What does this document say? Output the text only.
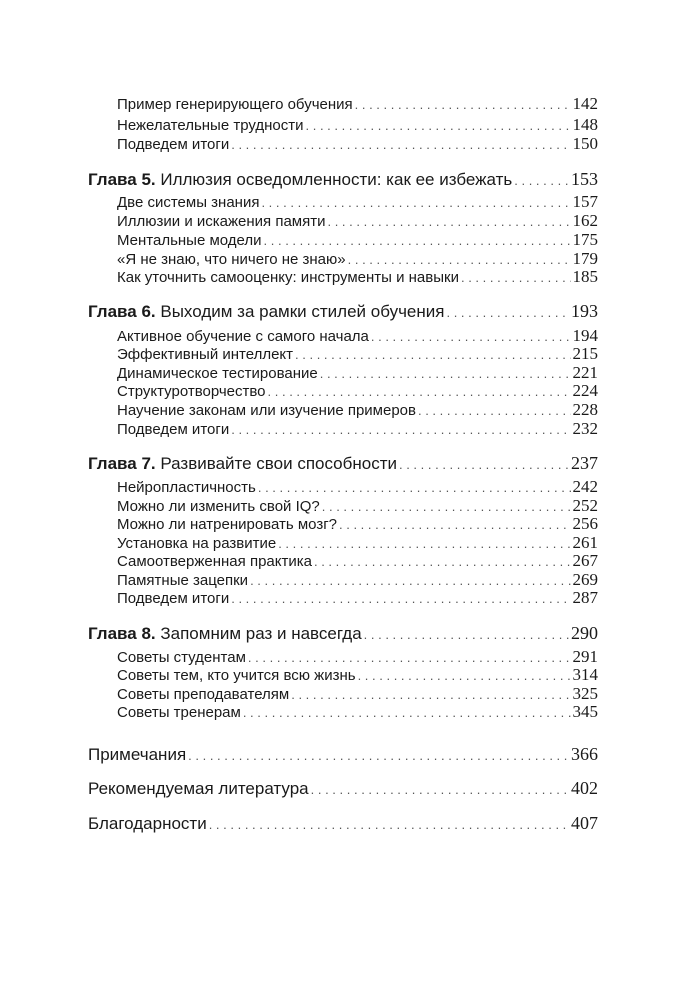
Пример генерирующего обучения . . .	142
Нежелательные трудности . . .	148
Подведем итоги . . .	150
Глава 5. Иллюзия осведомленности: как ее избежать . . .	153
Две системы знания . . .	157
Иллюзии и искажения памяти . . .	162
Ментальные модели . . .	175
«Я не знаю, что ничего не знаю» . . .	179
Как уточнить самооценку: инструменты и навыки . . .	185
Глава 6. Выходим за рамки стилей обучения . . .	193
Активное обучение с самого начала . . .	194
Эффективный интеллект . . .	215
Динамическое тестирование . . .	221
Структуротворчество . . .	224
Научение законам или изучение примеров . . .	228
Подведем итоги . . .	232
Глава 7. Развивайте свои способности . . .	237
Нейропластичность . . .	242
Можно ли изменить свой IQ? . . .	252
Можно ли натренировать мозг? . . .	256
Установка на развитие . . .	261
Самоотверженная практика . . .	267
Памятные зацепки . . .	269
Подведем итоги . . .	287
Глава 8. Запомним раз и навсегда . . .	290
Советы студентам . . .	291
Советы тем, кто учится всю жизнь . . .	314
Советы преподавателям . . .	325
Советы тренерам . . .	345
Примечания . . .	366
Рекомендуемая литература . . .	402
Благодарности . . .	407
